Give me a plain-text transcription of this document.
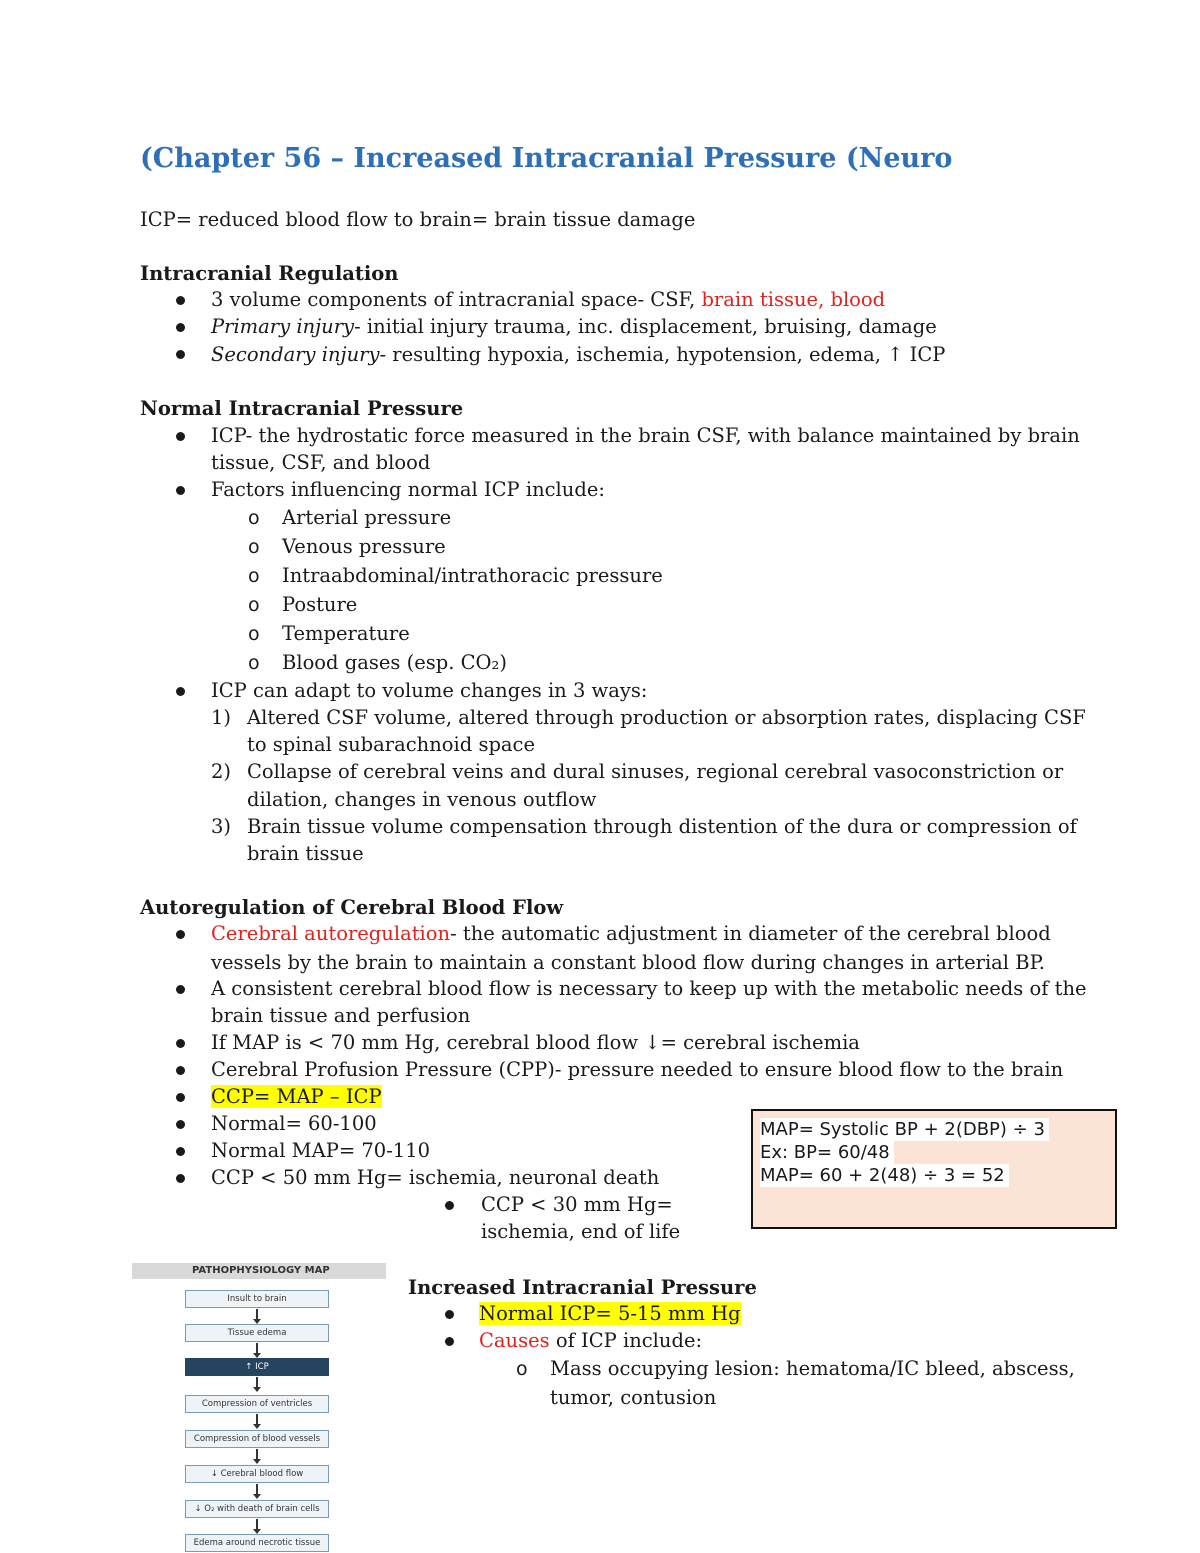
(Chapter 56 – Increased Intracranial Pressure (Neuro
ICP= reduced blood flow to brain= brain tissue damage
Intracranial Regulation
3 volume components of intracranial space- CSF, brain tissue, blood
Primary injury- initial injury trauma, inc. displacement, bruising, damage
Secondary injury- resulting hypoxia, ischemia, hypotension, edema, ↑ ICP
Normal Intracranial Pressure
ICP- the hydrostatic force measured in the brain CSF, with balance maintained by brain
tissue, CSF, and blood
Factors influencing normal ICP include:
o Arterial pressure
o Venous pressure
o Intraabdominal/intrathoracic pressure
o Posture
o Temperature
o Blood gases (esp. CO₂)
ICP can adapt to volume changes in 3 ways:
1) Altered CSF volume, altered through production or absorption rates, displacing CSF
to spinal subarachnoid space
2) Collapse of cerebral veins and dural sinuses, regional cerebral vasoconstriction or
dilation, changes in venous outflow
3) Brain tissue volume compensation through distention of the dura or compression of
brain tissue
Autoregulation of Cerebral Blood Flow
Cerebral autoregulation- the automatic adjustment in diameter of the cerebral blood
vessels by the brain to maintain a constant blood flow during changes in arterial BP.
A consistent cerebral blood flow is necessary to keep up with the metabolic needs of the
brain tissue and perfusion
If MAP is < 70 mm Hg, cerebral blood flow ↓= cerebral ischemia
Cerebral Profusion Pressure (CPP)- pressure needed to ensure blood flow to the brain
CCP= MAP – ICP
Normal= 60-100
Normal MAP= 70-110
CCP < 50 mm Hg= ischemia, neuronal death
CCP < 30 mm Hg=
ischemia, end of life
MAP= Systolic BP + 2(DBP) ÷ 3
Ex: BP= 60/48
MAP= 60 + 2(48) ÷ 3 = 52
PATHOPHYSIOLOGY MAP
Insult to brain
Tissue edema
↑ ICP
Compression of ventricles
Compression of blood vessels
↓ Cerebral blood flow
↓ O₂ with death of brain cells
Edema around necrotic tissue
Increased Intracranial Pressure
Normal ICP= 5-15 mm Hg
Causes of ICP include:
o Mass occupying lesion: hematoma/IC bleed, abscess,
tumor, contusion
